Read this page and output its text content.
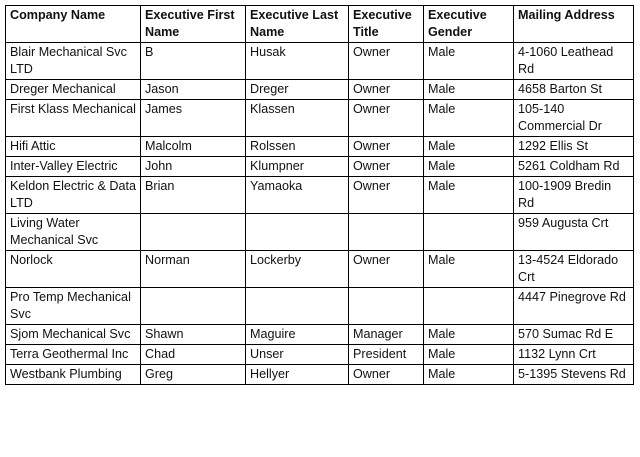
Company Name	Executive First Name	Executive Last Name	Executive Title	Executive Gender	Mailing Address
Blair Mechanical Svc LTD	B	Husak	Owner	Male	4-1060 Leathead Rd
Dreger Mechanical	Jason	Dreger	Owner	Male	4658 Barton St
First Klass Mechanical	James	Klassen	Owner	Male	105-140 Commercial Dr
Hifi Attic	Malcolm	Rolssen	Owner	Male	1292 Ellis St
Inter-Valley Electric	John	Klumpner	Owner	Male	5261 Coldham Rd
Keldon Electric & Data LTD	Brian	Yamaoka	Owner	Male	100-1909 Bredin Rd
Living Water Mechanical Svc					959 Augusta Crt
Norlock	Norman	Lockerby	Owner	Male	13-4524 Eldorado Crt
Pro Temp Mechanical Svc					4447 Pinegrove Rd
Sjom Mechanical Svc	Shawn	Maguire	Manager	Male	570 Sumac Rd E
Terra Geothermal Inc	Chad	Unser	President	Male	1132 Lynn Crt
Westbank Plumbing	Greg	Hellyer	Owner	Male	5-1395 Stevens Rd
